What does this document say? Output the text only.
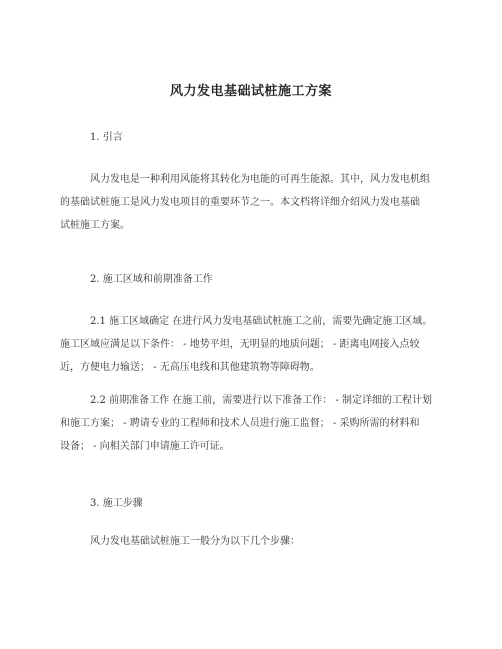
风力发电基础试桩施工方案
1. 引言
风力发电是一种利用风能将其转化为电能的可再生能源。其中，风力发电机组
的基础试桩施工是风力发电项目的重要环节之一。本文档将详细介绍风力发电基础
试桩施工方案。
2. 施工区域和前期准备工作
2.1 施工区域确定 在进行风力发电基础试桩施工之前，需要先确定施工区域。
施工区域应满足以下条件： - 地势平坦，无明显的地质问题； - 距离电网接入点较
近，方便电力输送； - 无高压电线和其他建筑物等障碍物。
2.2 前期准备工作 在施工前，需要进行以下准备工作： - 制定详细的工程计划
和施工方案； - 聘请专业的工程师和技术人员进行施工监督； - 采购所需的材料和
设备； - 向相关部门申请施工许可证。
3. 施工步骤
风力发电基础试桩施工一般分为以下几个步骤：
